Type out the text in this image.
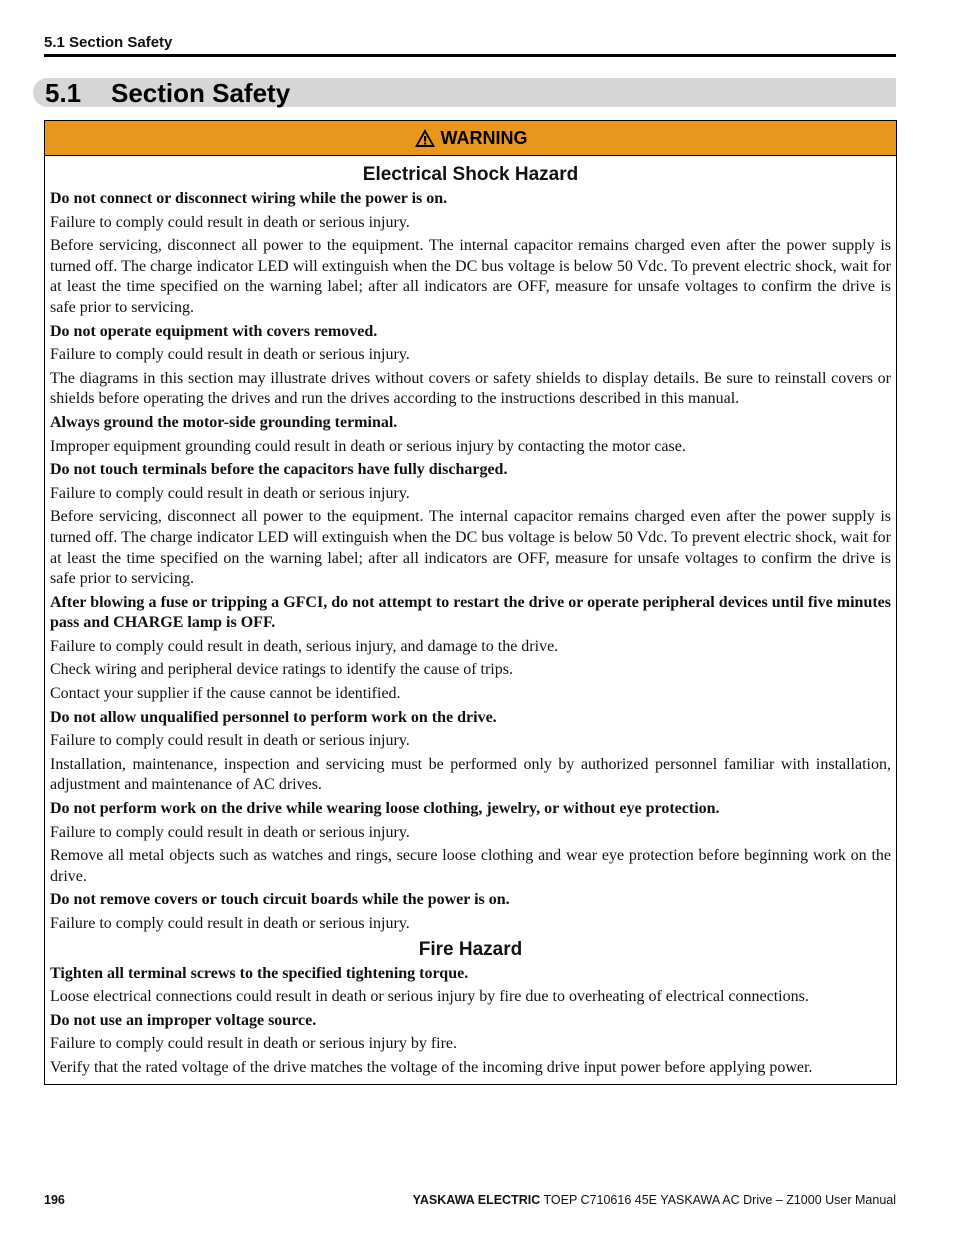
5.1 Section Safety
5.1 Section Safety
WARNING
Electrical Shock Hazard

Do not connect or disconnect wiring while the power is on.

Failure to comply could result in death or serious injury.

Before servicing, disconnect all power to the equipment. The internal capacitor remains charged even after the power supply is turned off. The charge indicator LED will extinguish when the DC bus voltage is below 50 Vdc. To prevent electric shock, wait for at least the time specified on the warning label; after all indicators are OFF, measure for unsafe voltages to confirm the drive is safe prior to servicing.

Do not operate equipment with covers removed.

Failure to comply could result in death or serious injury.

The diagrams in this section may illustrate drives without covers or safety shields to display details. Be sure to reinstall covers or shields before operating the drives and run the drives according to the instructions described in this manual.

Always ground the motor-side grounding terminal.

Improper equipment grounding could result in death or serious injury by contacting the motor case.

Do not touch terminals before the capacitors have fully discharged.

Failure to comply could result in death or serious injury.

Before servicing, disconnect all power to the equipment. The internal capacitor remains charged even after the power supply is turned off. The charge indicator LED will extinguish when the DC bus voltage is below 50 Vdc. To prevent electric shock, wait for at least the time specified on the warning label; after all indicators are OFF, measure for unsafe voltages to confirm the drive is safe prior to servicing.

After blowing a fuse or tripping a GFCI, do not attempt to restart the drive or operate peripheral devices until five minutes pass and CHARGE lamp is OFF.

Failure to comply could result in death, serious injury, and damage to the drive.

Check wiring and peripheral device ratings to identify the cause of trips.

Contact your supplier if the cause cannot be identified.

Do not allow unqualified personnel to perform work on the drive.

Failure to comply could result in death or serious injury.

Installation, maintenance, inspection and servicing must be performed only by authorized personnel familiar with installation, adjustment and maintenance of AC drives.

Do not perform work on the drive while wearing loose clothing, jewelry, or without eye protection.

Failure to comply could result in death or serious injury.

Remove all metal objects such as watches and rings, secure loose clothing and wear eye protection before beginning work on the drive.

Do not remove covers or touch circuit boards while the power is on.

Failure to comply could result in death or serious injury.

Fire Hazard

Tighten all terminal screws to the specified tightening torque.

Loose electrical connections could result in death or serious injury by fire due to overheating of electrical connections.

Do not use an improper voltage source.

Failure to comply could result in death or serious injury by fire.

Verify that the rated voltage of the drive matches the voltage of the incoming drive input power before applying power.

196	YASKAWA ELECTRIC TOEP C710616 45E YASKAWA AC Drive – Z1000 User Manual
